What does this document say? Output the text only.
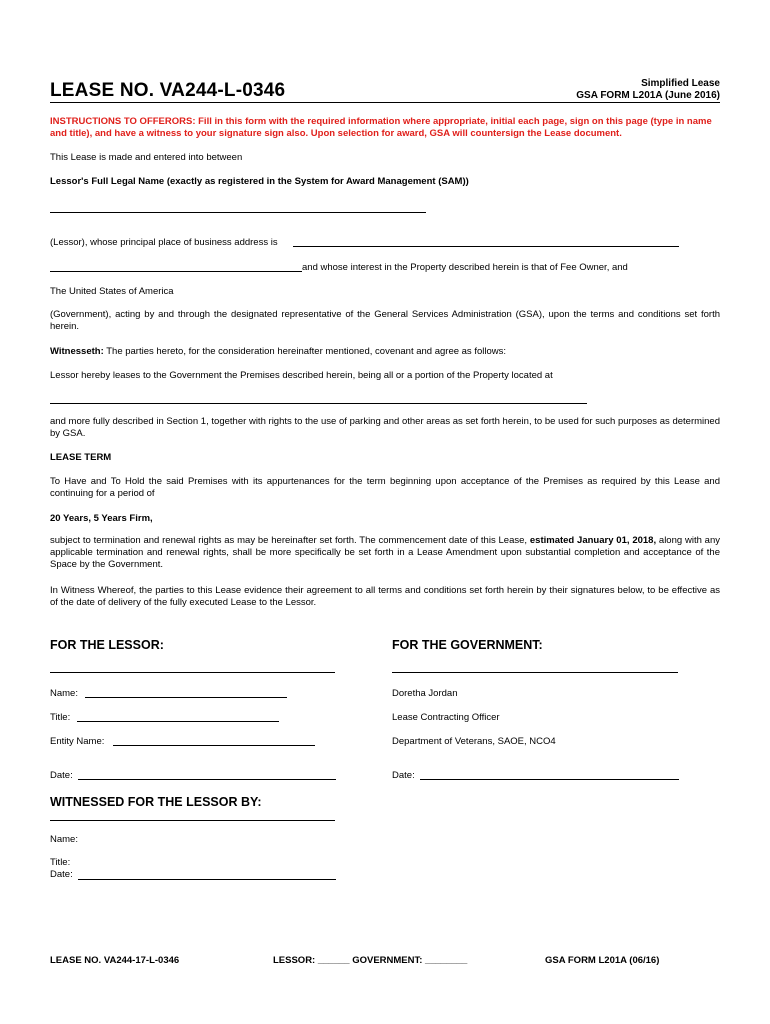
LEASE NO. VA244-L-0346	Simplified Lease
GSA FORM L201A (June 2016)
INSTRUCTIONS TO OFFERORS: Fill in this form with the required information where appropriate, initial each page, sign on this page (type in name and title), and have a witness to your signature sign also. Upon selection for award, GSA will countersign the Lease document.
This Lease is made and entered into between
Lessor's Full Legal Name (exactly as registered in the System for Award Management (SAM))
(Lessor), whose principal place of business address is
and whose interest in the Property described herein is that of Fee Owner, and
The United States of America
(Government), acting by and through the designated representative of the General Services Administration (GSA), upon the terms and conditions set forth herein.
Witnesseth: The parties hereto, for the consideration hereinafter mentioned, covenant and agree as follows:
Lessor hereby leases to the Government the Premises described herein, being all or a portion of the Property located at
and more fully described in Section 1, together with rights to the use of parking and other areas as set forth herein, to be used for such purposes as determined by GSA.
LEASE TERM
To Have and To Hold the said Premises with its appurtenances for the term beginning upon acceptance of the Premises as required by this Lease and continuing for a period of
20 Years, 5 Years Firm,
subject to termination and renewal rights as may be hereinafter set forth. The commencement date of this Lease, estimated January 01, 2018, along with any applicable termination and renewal rights, shall be more specifically be set forth in a Lease Amendment upon substantial completion and acceptance of the Space by the Government.
In Witness Whereof, the parties to this Lease evidence their agreement to all terms and conditions set forth herein by their signatures below, to be effective as of the date of delivery of the fully executed Lease to the Lessor.
FOR THE LESSOR:
Name:
Title:
Entity Name:
Date:
FOR THE GOVERNMENT:
Doretha Jordan
Lease Contracting Officer
Department of Veterans, SAOE, NCO4
Date:
WITNESSED FOR THE LESSOR BY:
Name:
Title:
Date:
LEASE NO. VA244-17-L-0346	LESSOR: ______ GOVERNMENT: ________	GSA FORM L201A (06/16)
